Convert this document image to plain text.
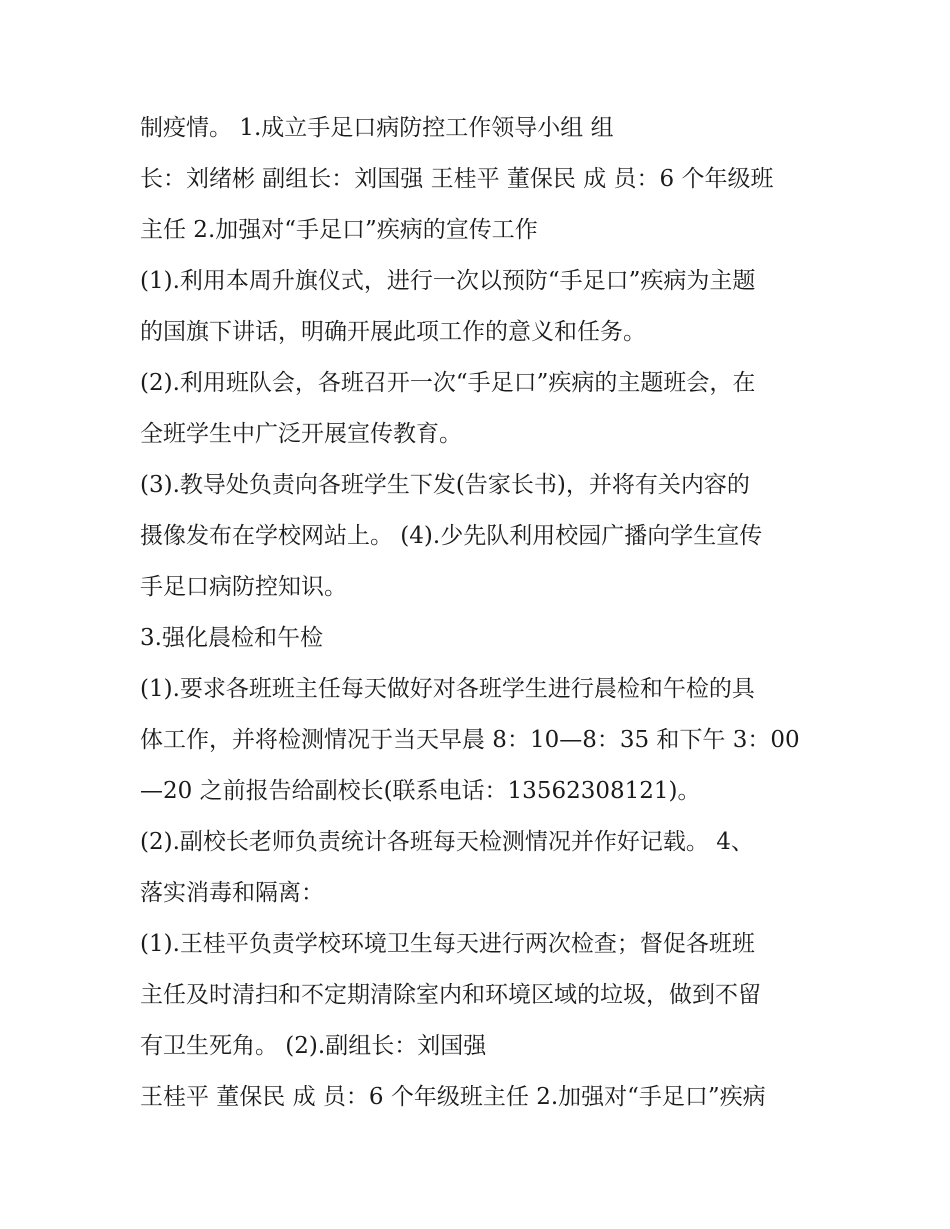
制疫情。 1.成立手足口病防控工作领导小组 组
长：刘绪彬 副组长：刘国强 王桂平 董保民 成 员：6 个年级班
主任 2.加强对“手足口”疾病的宣传工作
(1).利用本周升旗仪式，进行一次以预防“手足口”疾病为主题
的国旗下讲话，明确开展此项工作的意义和任务。
(2).利用班队会，各班召开一次“手足口”疾病的主题班会，在
全班学生中广泛开展宣传教育。
(3).教导处负责向各班学生下发(告家长书)，并将有关内容的
摄像发布在学校网站上。 (4).少先队利用校园广播向学生宣传
手足口病防控知识。
3.强化晨检和午检
(1).要求各班班主任每天做好对各班学生进行晨检和午检的具
体工作，并将检测情况于当天早晨 8：10—8：35 和下午 3：00
—20 之前报告给副校长(联系电话：13562308121)。
(2).副校长老师负责统计各班每天检测情况并作好记载。 4、
落实消毒和隔离：
(1).王桂平负责学校环境卫生每天进行两次检查；督促各班班
主任及时清扫和不定期清除室内和环境区域的垃圾，做到不留
有卫生死角。 (2).副组长：刘国强
王桂平 董保民 成 员：6 个年级班主任 2.加强对“手足口”疾病
